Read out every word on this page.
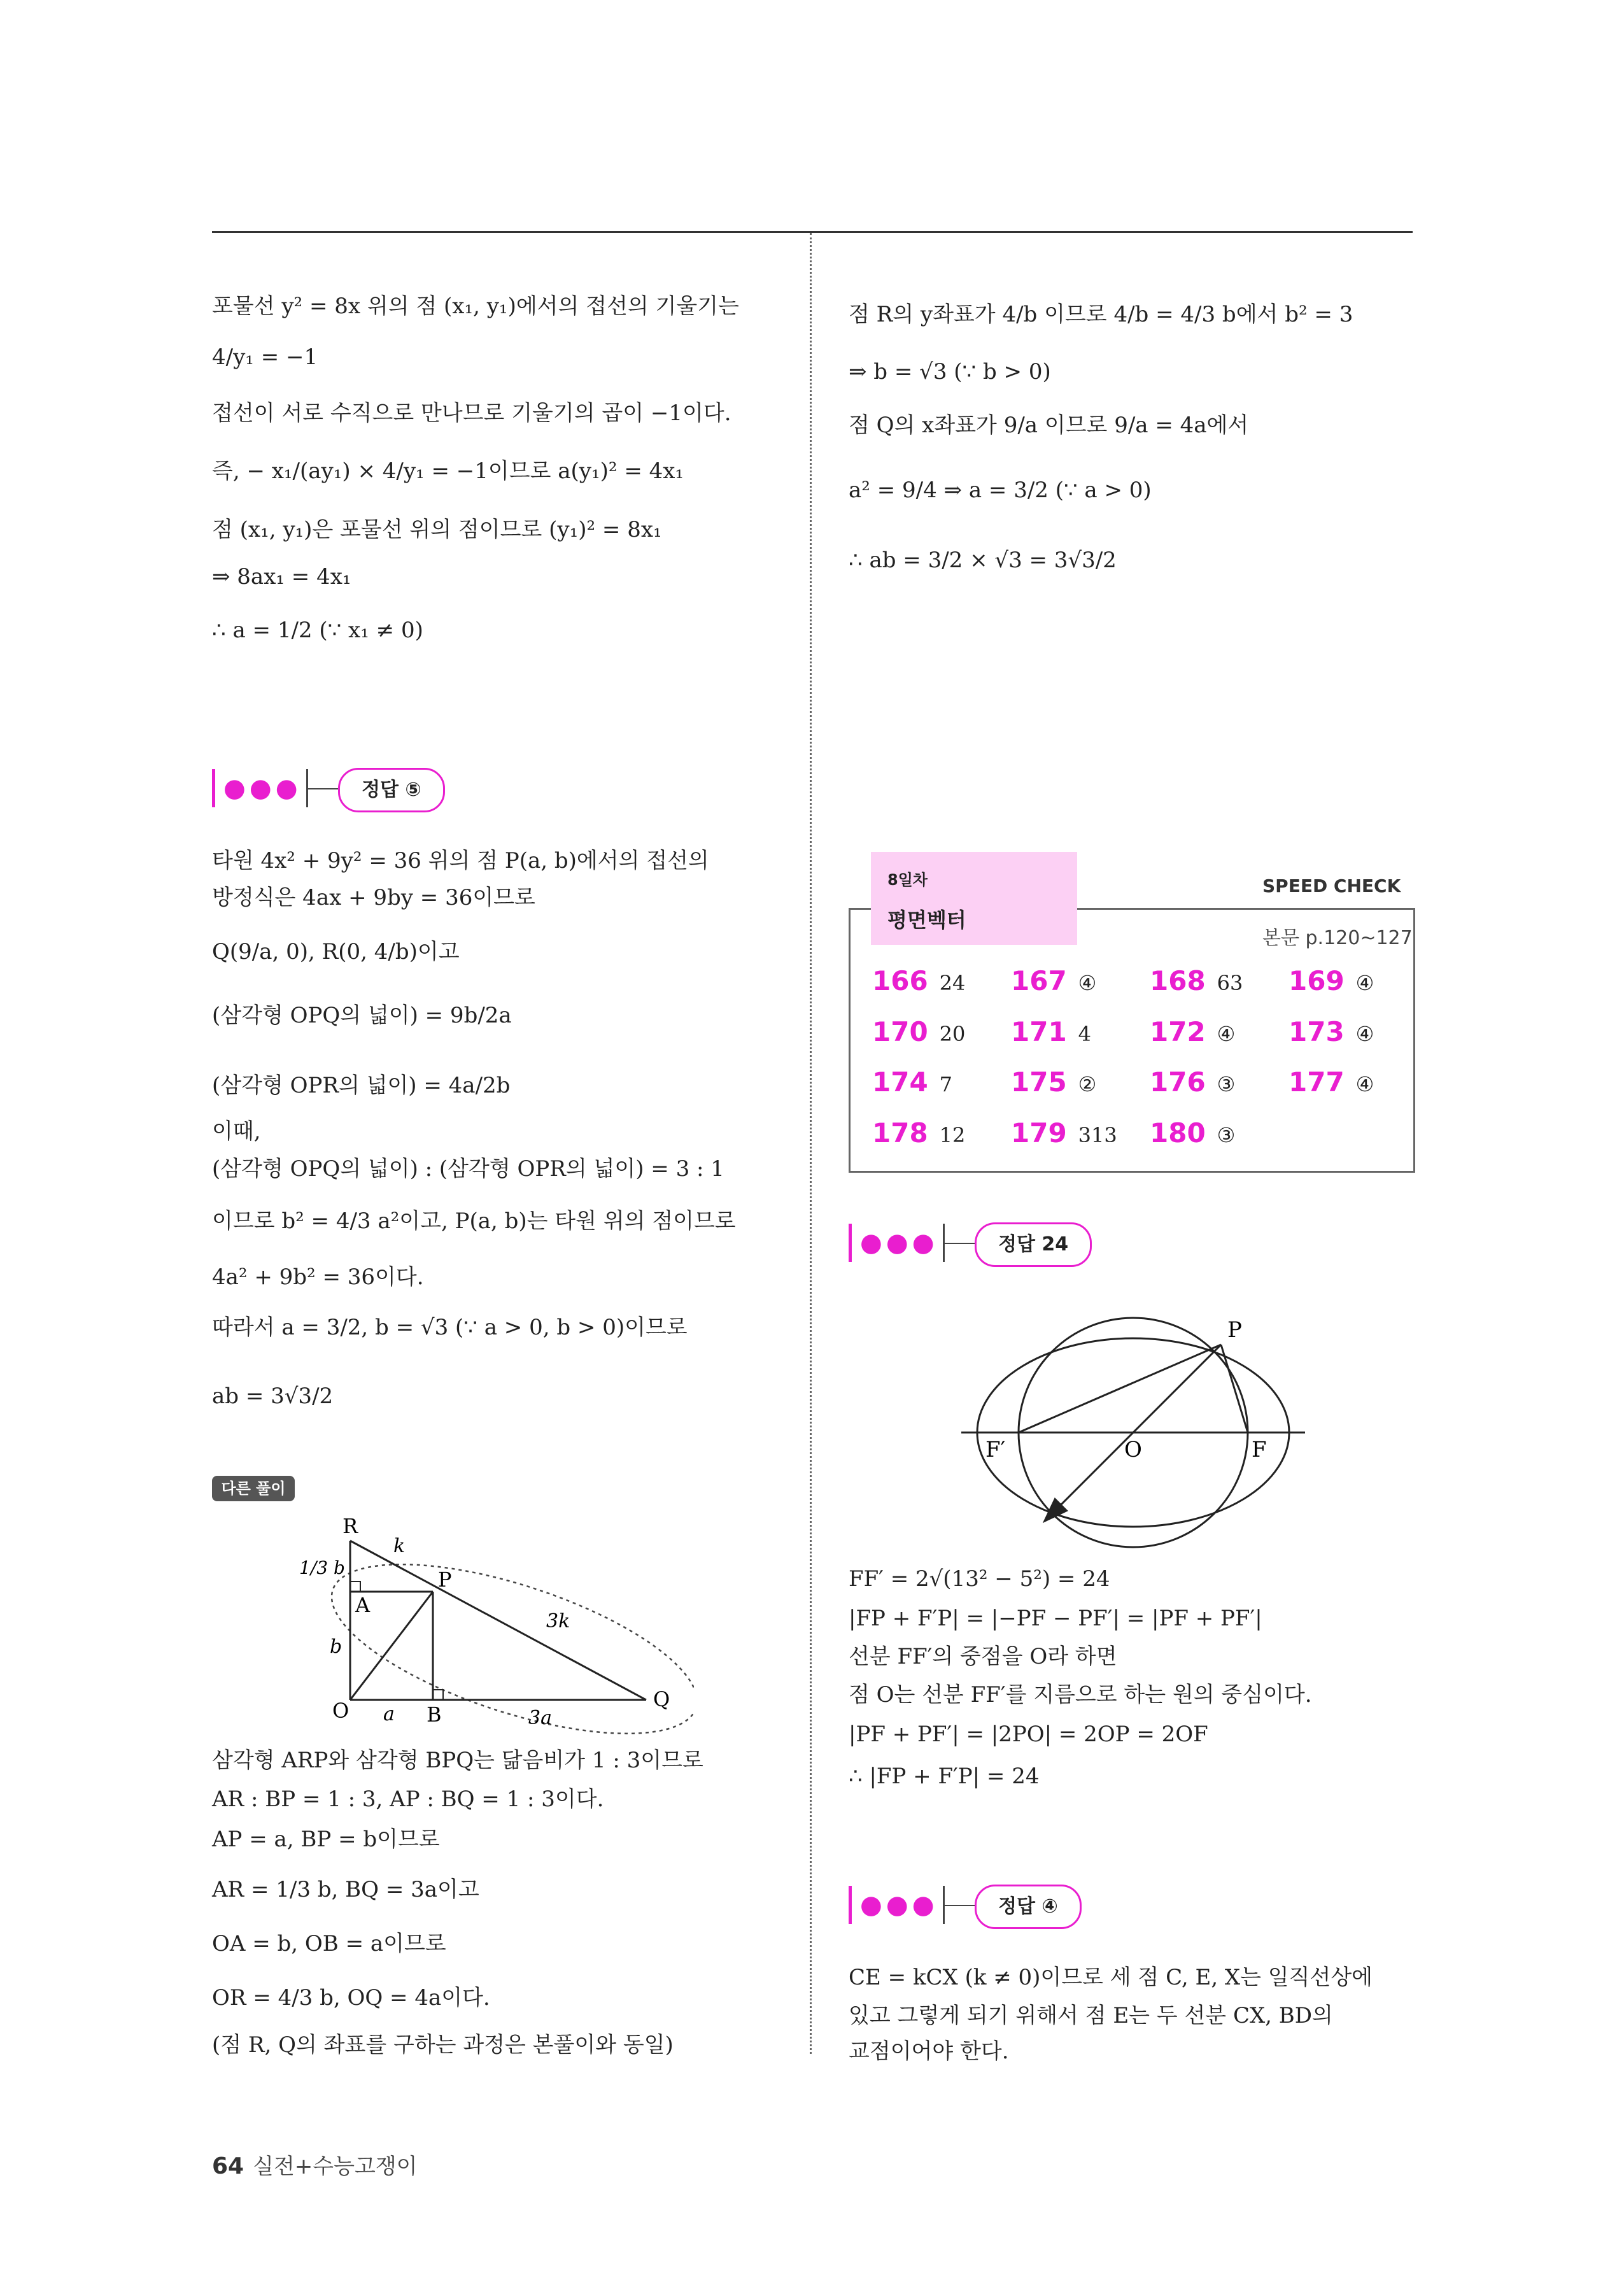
포물선 y² = 8x 위의 점 (x₁, y₁)에서의 접선의 기울기는
4/y₁ = −1
접선이 서로 수직으로 만나므로 기울기의 곱이 −1이다.
즉, − x₁/(ay₁) × 4/y₁ = −1이므로 a(y₁)² = 4x₁
점 (x₁, y₁)은 포물선 위의 점이므로 (y₁)² = 8x₁
⇒ 8ax₁ = 4x₁
∴ a = 1/2 (∵ x₁ ≠ 0)
●●●	정답 ⑤
타원 4x² + 9y² = 36 위의 점 P(a, b)에서의 접선의
방정식은 4ax + 9by = 36이므로
Q(9/a, 0), R(0, 4/b)이고
(삼각형 OPQ의 넓이) = 9b/2a
(삼각형 OPR의 넓이) = 4a/2b
이때,
(삼각형 OPQ의 넓이) : (삼각형 OPR의 넓이) = 3 : 1
이므로 b² = 4/3 a²이고, P(a, b)는 타원 위의 점이므로
4a² + 9b² = 36이다.
따라서 a = 3/2, b = √3 (∵ a > 0, b > 0)이므로
ab = 3√3/2
다른 풀이
R
P
A
O	B
Q
k
3k
1/3 b
b
a	3a
삼각형 ARP와 삼각형 BPQ는 닮음비가 1 : 3이므로
AR : BP = 1 : 3, AP : BQ = 1 : 3이다.
AP = a, BP = b이므로
AR = 1/3 b, BQ = 3a이고
OA = b, OB = a이므로
OR = 4/3 b, OQ = 4a이다.
(점 R, Q의 좌표를 구하는 과정은 본풀이와 동일)
점 R의 y좌표가 4/b 이므로 4/b = 4/3 b에서 b² = 3
⇒ b = √3 (∵ b > 0)
점 Q의 x좌표가 9/a 이므로 9/a = 4a에서
a² = 9/4 ⇒ a = 3/2 (∵ a > 0)
∴ ab = 3/2 × √3 = 3√3/2
8일차
평면벡터
SPEED CHECK
본문 p.120~127
166 24 167 ④ 168 63 169 ④
170 20 171 4 172 ④ 173 ④
174 7 175 ② 176 ③ 177 ④
178 12 179 313 180 ③
●●●	정답 24
P
F′	O	F
FF′ = 2√(13² − 5²) = 24
|FP + F′P| = |−PF − PF′| = |PF + PF′|
선분 FF′의 중점을 O라 하면
점 O는 선분 FF′를 지름으로 하는 원의 중심이다.
|PF + PF′| = |2PO| = 2OP = 2OF
∴ |FP + F′P| = 24
●●●	정답 ④
CE = kCX (k ≠ 0)이므로 세 점 C, E, X는 일직선상에
있고 그렇게 되기 위해서 점 E는 두 선분 CX, BD의
교점이어야 한다.
64 실전+수능고쟁이
